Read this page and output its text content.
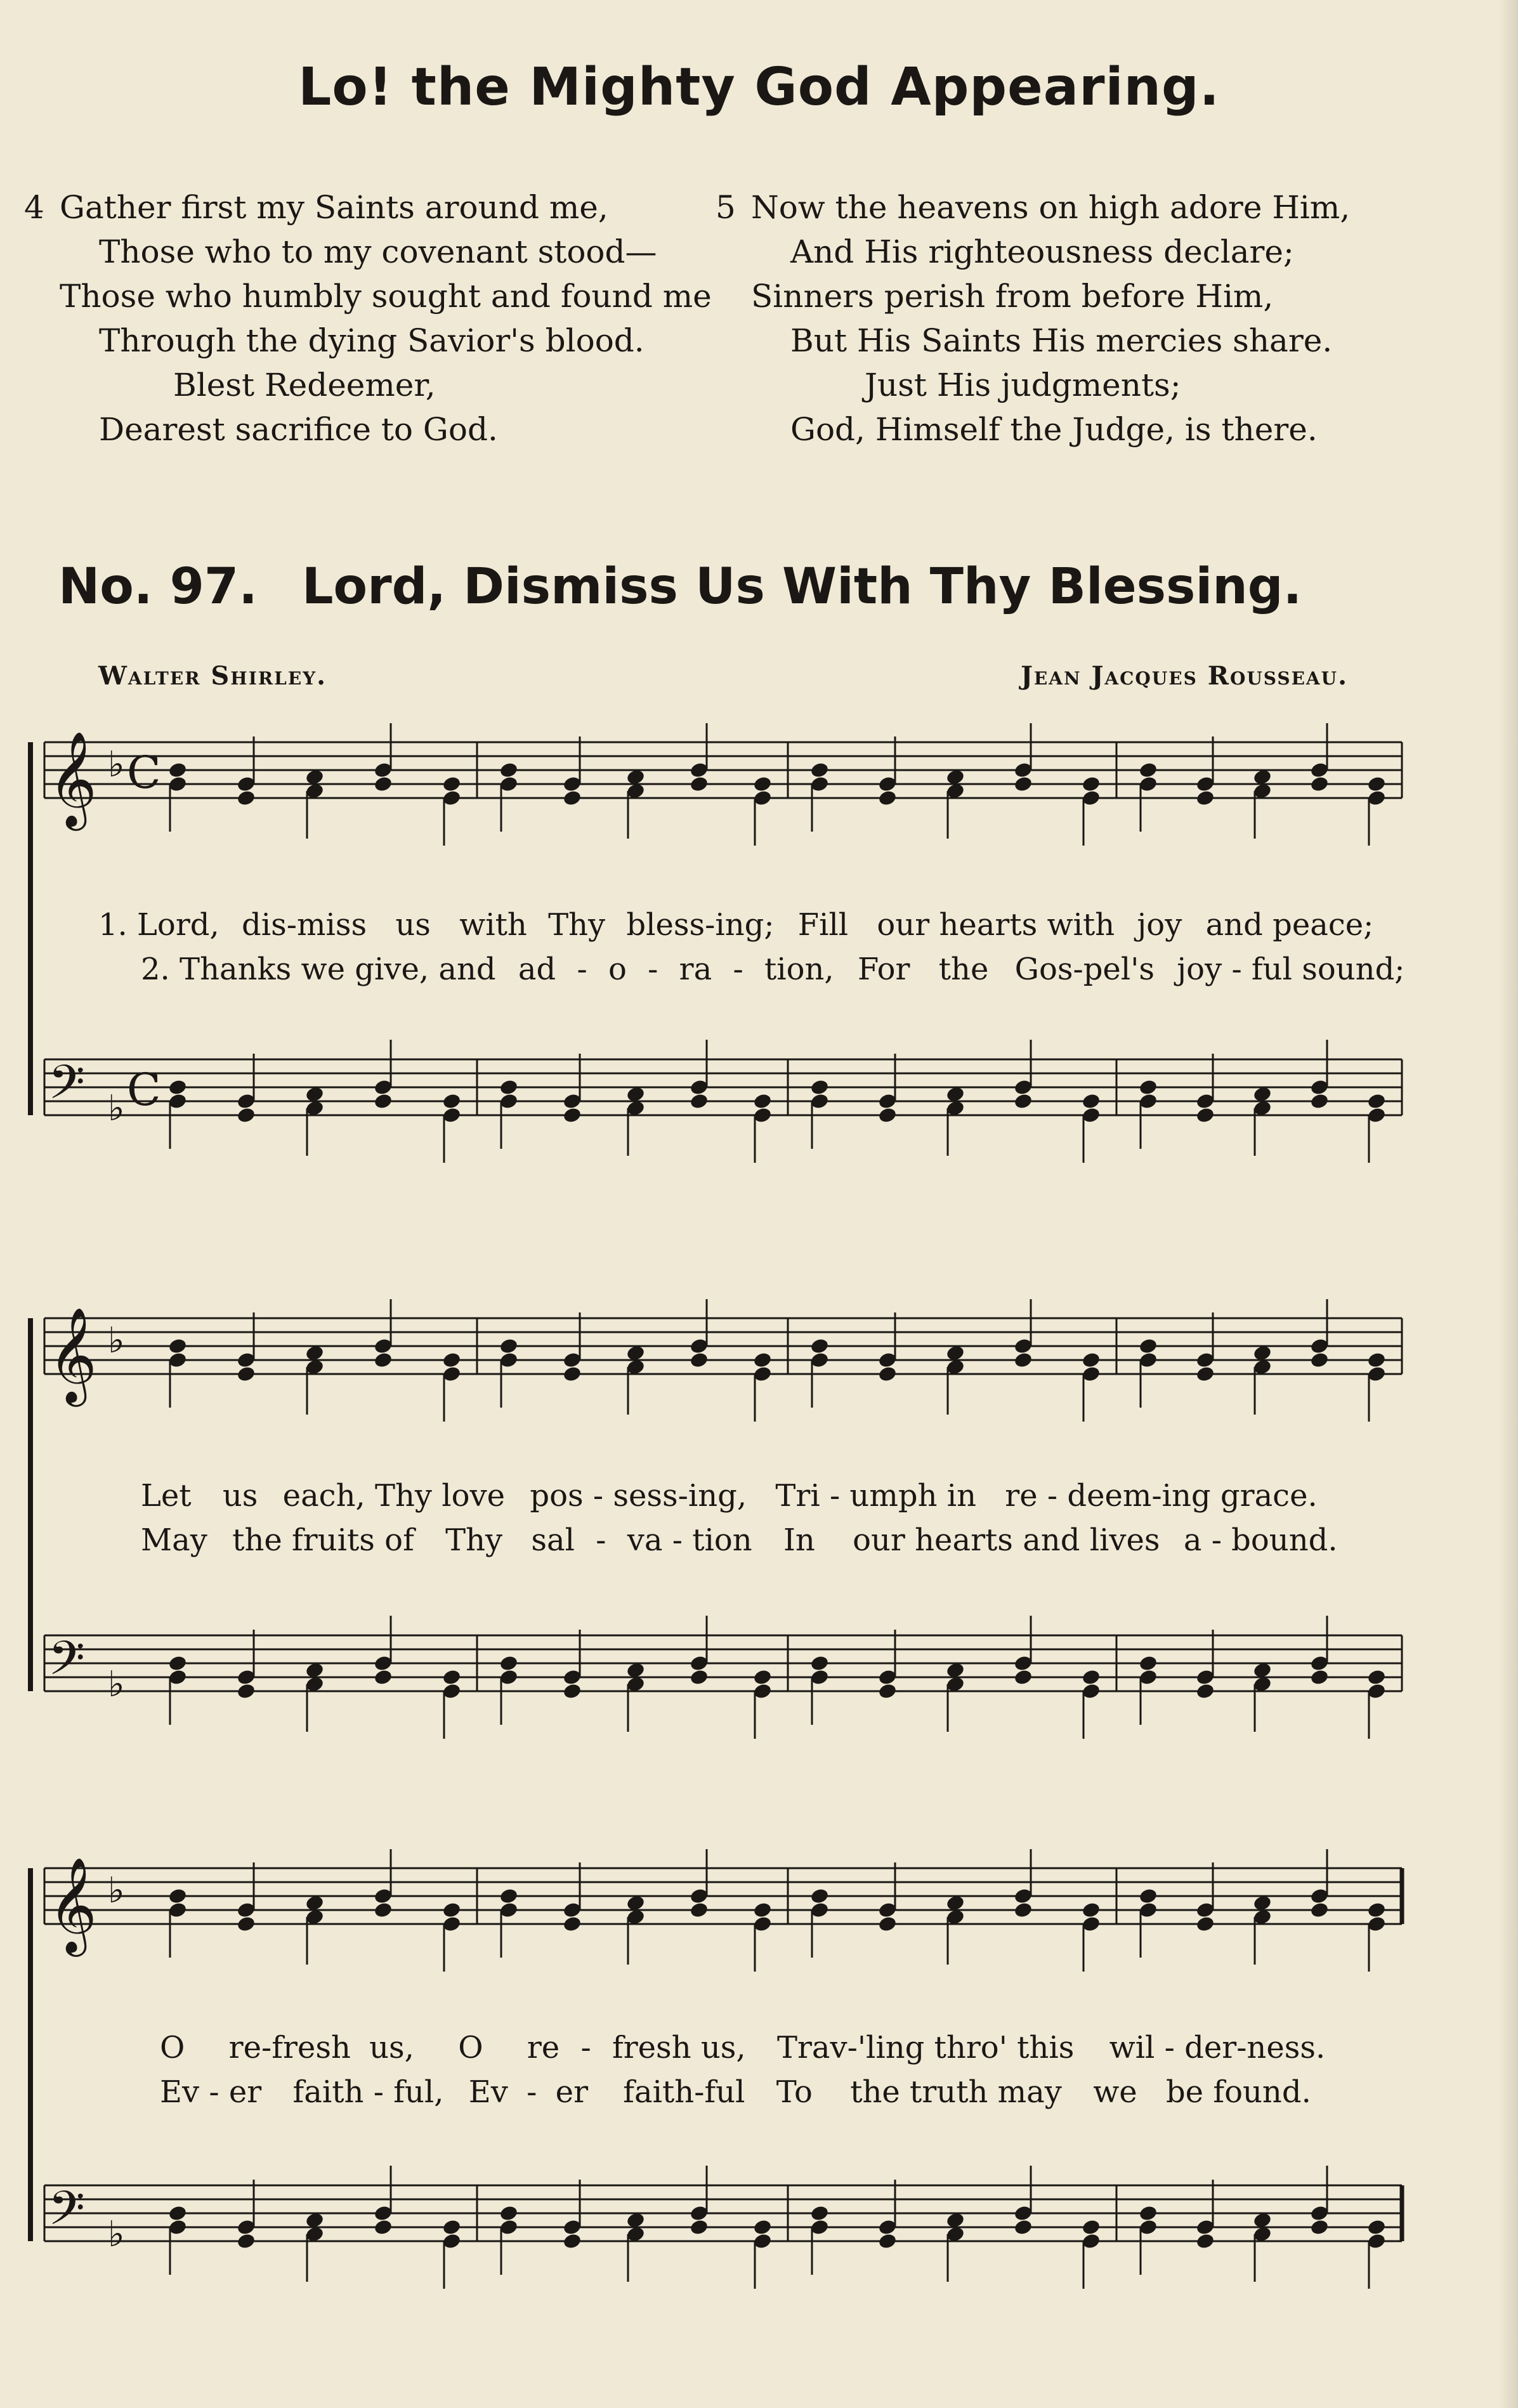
Lo! the Mighty God Appearing.
4 Gather first my Saints around me,
Those who to my covenant stood—
Those who humbly sought and found me
Through the dying Savior's blood.
Blest Redeemer,
Dearest sacrifice to God.
5 Now the heavens on high adore Him,
And His righteousness declare;
Sinners perish from before Him,
But His Saints His mercies share.
Just His judgments;
God, Himself the Judge, is there.
No. 97. Lord, Dismiss Us With Thy Blessing.
Walter Shirley.	Jean Jacques Rousseau.
𝄞 ♭ C
𝄢 ♭ C
1. Lord, dis-miss us with Thy bless-ing; Fill our hearts with joy and peace;
2. Thanks we give, and ad - o - ra - tion, For the Gos-pel's joy - ful sound;
𝄞 ♭
𝄢 ♭
Let us each, Thy love pos - sess-ing, Tri - umph in re - deem-ing grace.
May the fruits of Thy sal - va - tion In our hearts and lives a - bound.
𝄞 ♭
𝄢 ♭
O re-fresh us, O re - fresh us, Trav-'ling thro' this wil - der-ness.
Ev - er faith - ful, Ev - er faith-ful To the truth may we be found.
